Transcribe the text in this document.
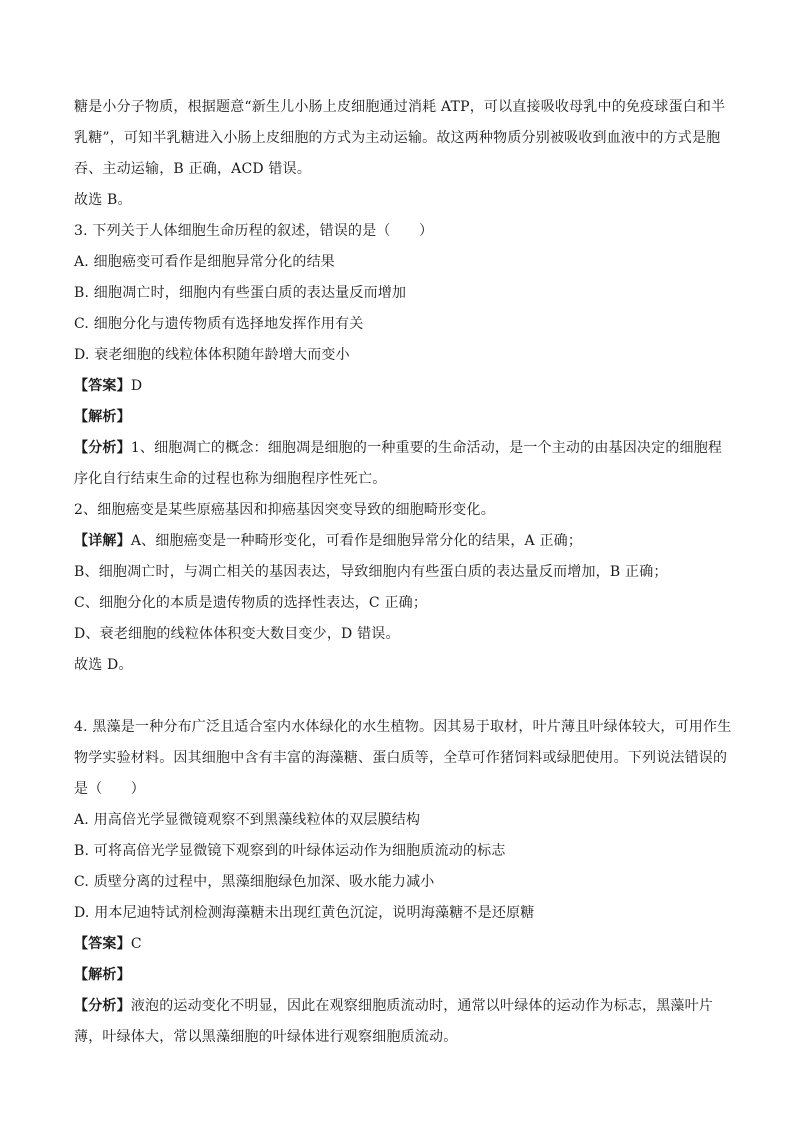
糖是小分子物质，根据题意“新生儿小肠上皮细胞通过消耗 ATP，可以直接吸收母乳中的免疫球蛋白和半
乳糖”，可知半乳糖进入小肠上皮细胞的方式为主动运输。故这两种物质分别被吸收到血液中的方式是胞
吞、主动运输，B 正确，ACD 错误。
故选 B。
3. 下列关于人体细胞生命历程的叙述，错误的是（　　）
A. 细胞癌变可看作是细胞异常分化的结果
B. 细胞凋亡时，细胞内有些蛋白质的表达量反而增加
C. 细胞分化与遗传物质有选择地发挥作用有关
D. 衰老细胞的线粒体体积随年龄增大而变小
【答案】D
【解析】
【分析】1、细胞凋亡的概念：细胞凋是细胞的一种重要的生命活动，是一个主动的由基因决定的细胞程
序化自行结束生命的过程也称为细胞程序性死亡。
2、细胞癌变是某些原癌基因和抑癌基因突变导致的细胞畸形变化。
【详解】A、细胞癌变是一种畸形变化，可看作是细胞异常分化的结果，A 正确；
B、细胞凋亡时，与凋亡相关的基因表达，导致细胞内有些蛋白质的表达量反而增加，B 正确；
C、细胞分化的本质是遗传物质的选择性表达，C 正确；
D、衰老细胞的线粒体体积变大数目变少，D 错误。
故选 D。
4. 黑藻是一种分布广泛且适合室内水体绿化的水生植物。因其易于取材，叶片薄且叶绿体较大，可用作生
物学实验材料。因其细胞中含有丰富的海藻糖、蛋白质等，全草可作猪饲料或绿肥使用。下列说法错误的
是（　　）
A. 用高倍光学显微镜观察不到黑藻线粒体的双层膜结构
B. 可将高倍光学显微镜下观察到的叶绿体运动作为细胞质流动的标志
C. 质壁分离的过程中，黑藻细胞绿色加深、吸水能力减小
D. 用本尼迪特试剂检测海藻糖未出现红黄色沉淀，说明海藻糖不是还原糖
【答案】C
【解析】
【分析】液泡的运动变化不明显，因此在观察细胞质流动时，通常以叶绿体的运动作为标志，黑藻叶片
薄，叶绿体大，常以黑藻细胞的叶绿体进行观察细胞质流动。
